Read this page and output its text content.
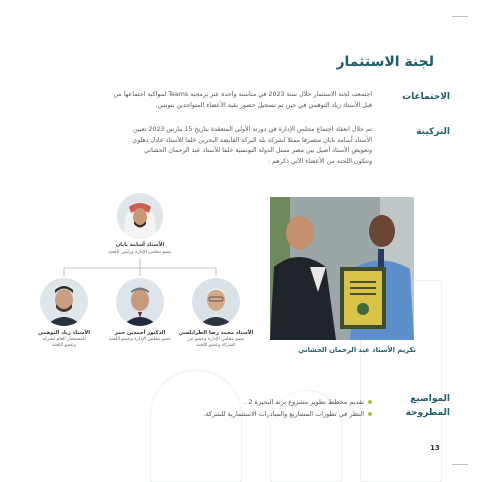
لجنة الاستثمار
الاجتماعات
اجتمعت لجنة الاستثمار خلال سنة 2023 في مناسبة واحدة عبر برمجية Teams لمواكبة اجتماعها من
قبل الأستاذ زياد التوهمي في حين تم تسجيل حضور بقية الأعضاء المتواجدين بتونس.
التركيبة
تم خلال انعقاد اجتماع مجلس الإدارة في دورته الأولى المنعقدة بتاريخ 15 مارس 2023 تعيين
الأستاذ أسامة بايان متصرفا ممثلا لشركة بلة البركة القابضة البحرين خلفا للأستاذ عادل دهلوي
وتعويض الأستاذ أصيل بين مصر ممثل الدولة التونسية خلفا للأستاذ عبد الرحمان الحشاني
وتتكون اللجنة من الأعضاء الآتي ذكرهم :
الأستاذ أسامة بايان
عضو مجلس الإدارة ورئيس اللجنة
الأستاذ محمد رضا الطرابلسي
عضو مجلس الإدارة وعضو عن
الشركة وعضو اللجنة
الدكتور أحمدين حمر
عضو مجلس الإدارة وعضو اللجنة
الأستاذ زياد التوهمي
المستشار العام لشركة
وعضو اللجنة
تكريم الأستاذ عبد الرحمان الحشاني
المواضيع
المطروحة
تقديم مخطط تطوير مشروع برنه البحيرة 2 .
النظر في تطورات المشاريع والمبادرات الاستثمارية للشركة.
13
